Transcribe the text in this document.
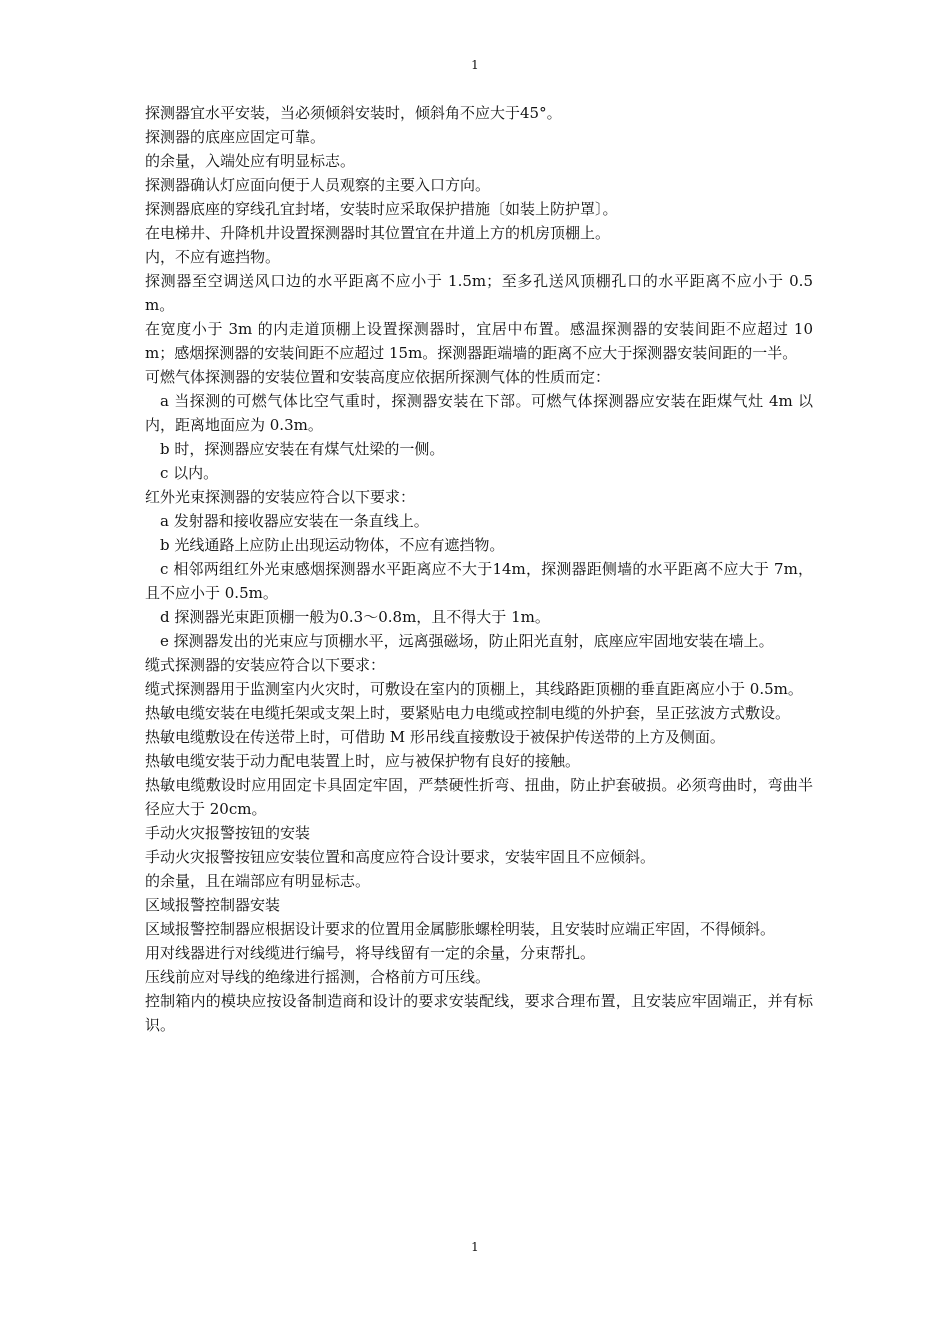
1

探测器宜水平安装，当必须倾斜安装时，倾斜角不应大于45°。

探测器的底座应固定可靠。

的余量，入端处应有明显标志。

探测器确认灯应面向便于人员观察的主要入口方向。

探测器底座的穿线孔宜封堵，安装时应采取保护措施〔如装上防护罩〕。

在电梯井、升降机井设置探测器时其位置宜在井道上方的机房顶棚上。

内，不应有遮挡物。

探测器至空调送风口边的水平距离不应小于 1.5m；至多孔送风顶棚孔口的水平距离不应小于 0.5m。

在宽度小于 3m 的内走道顶棚上设置探测器时，宜居中布置。感温探测器的安装间距不应超过 10m；感烟探测器的安装间距不应超过 15m。探测器距端墙的距离不应大于探测器安装间距的一半。

可燃气体探测器的安装位置和安装高度应依据所探测气体的性质而定：

a 当探测的可燃气体比空气重时，探测器安装在下部。可燃气体探测器应安装在距煤气灶 4m 以内，距离地面应为 0.3m。

b 时，探测器应安装在有煤气灶梁的一侧。

c 以内。

红外光束探测器的安装应符合以下要求：

a 发射器和接收器应安装在一条直线上。

b 光线通路上应防止出现运动物体，不应有遮挡物。

c 相邻两组红外光束感烟探测器水平距离应不大于14m，探测器距侧墙的水平距离不应大于 7m，且不应小于 0.5m。

d 探测器光束距顶棚一般为0.3～0.8m，且不得大于 1m。

e 探测器发出的光束应与顶棚水平，远离强磁场，防止阳光直射，底座应牢固地安装在墙上。

缆式探测器的安装应符合以下要求：

缆式探测器用于监测室内火灾时，可敷设在室内的顶棚上，其线路距顶棚的垂直距离应小于 0.5m。

热敏电缆安装在电缆托架或支架上时，要紧贴电力电缆或控制电缆的外护套，呈正弦波方式敷设。

热敏电缆敷设在传送带上时，可借助 M 形吊线直接敷设于被保护传送带的上方及侧面。

热敏电缆安装于动力配电装置上时，应与被保护物有良好的接触。

热敏电缆敷设时应用固定卡具固定牢固，严禁硬性折弯、扭曲，防止护套破损。必须弯曲时，弯曲半径应大于 20cm。

手动火灾报警按钮的安装

手动火灾报警按钮应安装位置和高度应符合设计要求，安装牢固且不应倾斜。

的余量，且在端部应有明显标志。

区域报警控制器安装

区域报警控制器应根据设计要求的位置用金属膨胀螺栓明装，且安装时应端正牢固，不得倾斜。

用对线器进行对线缆进行编号，将导线留有一定的余量，分束帮扎。

压线前应对导线的绝缘进行摇测，合格前方可压线。

控制箱内的模块应按设备制造商和设计的要求安装配线，要求合理布置，且安装应牢固端正，并有标识。

1
